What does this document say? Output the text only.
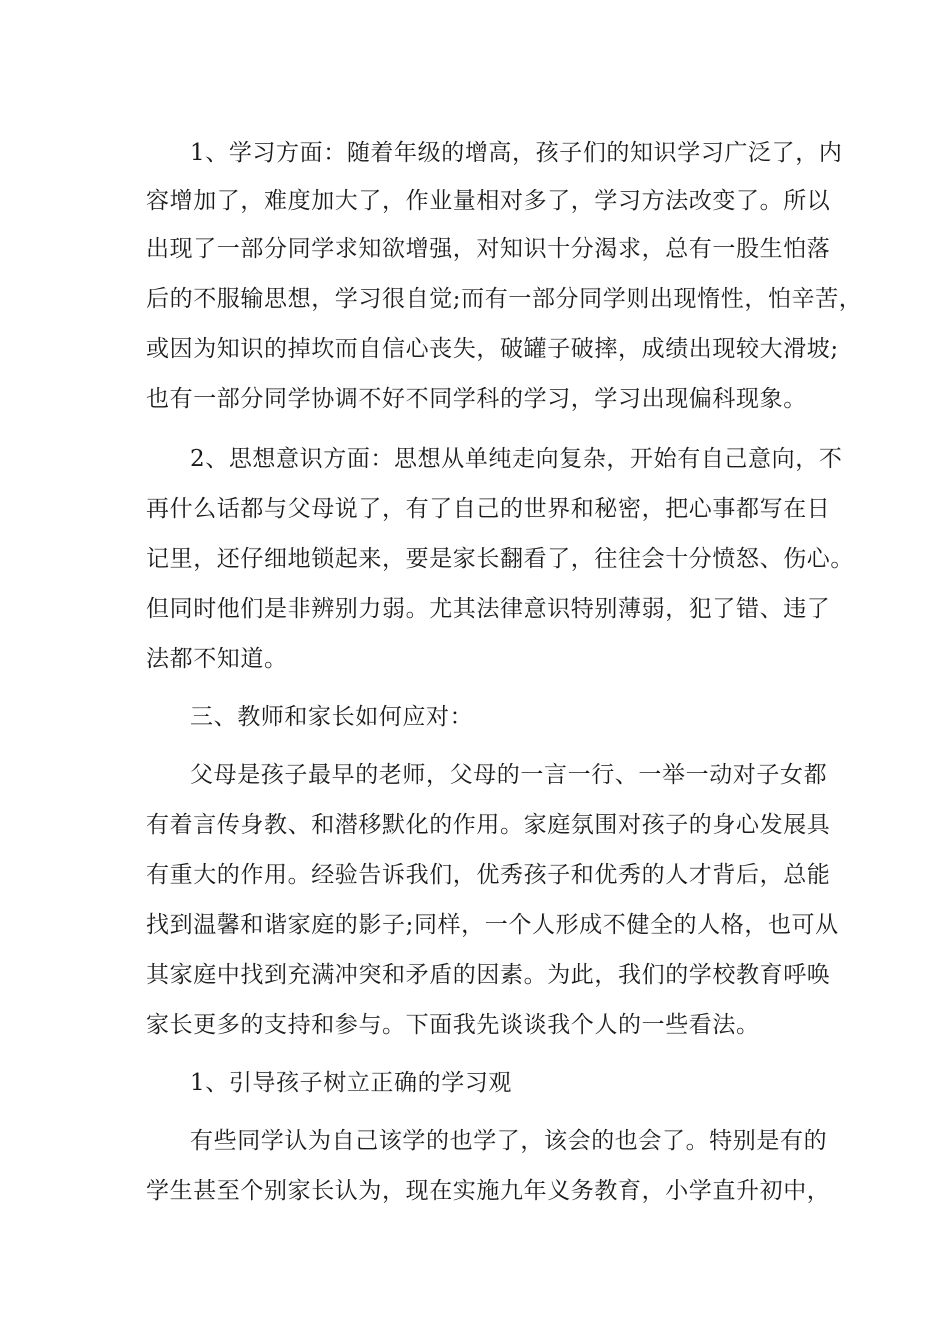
1、学习方面：随着年级的增高，孩子们的知识学习广泛了，内
容增加了，难度加大了，作业量相对多了，学习方法改变了。所以
出现了一部分同学求知欲增强，对知识十分渴求，总有一股生怕落
后的不服输思想，学习很自觉;而有一部分同学则出现惰性，怕辛苦，
或因为知识的掉坎而自信心丧失，破罐子破摔，成绩出现较大滑坡;
也有一部分同学协调不好不同学科的学习，学习出现偏科现象。
2、思想意识方面：思想从单纯走向复杂，开始有自己意向，不
再什么话都与父母说了，有了自己的世界和秘密，把心事都写在日
记里，还仔细地锁起来，要是家长翻看了，往往会十分愤怒、伤心。
但同时他们是非辨别力弱。尤其法律意识特别薄弱，犯了错、违了
法都不知道。
三、教师和家长如何应对：
父母是孩子最早的老师，父母的一言一行、一举一动对子女都
有着言传身教、和潜移默化的作用。家庭氛围对孩子的身心发展具
有重大的作用。经验告诉我们，优秀孩子和优秀的人才背后，总能
找到温馨和谐家庭的影子;同样，一个人形成不健全的人格，也可从
其家庭中找到充满冲突和矛盾的因素。为此，我们的学校教育呼唤
家长更多的支持和参与。下面我先谈谈我个人的一些看法。
1、引导孩子树立正确的学习观
有些同学认为自己该学的也学了，该会的也会了。特别是有的
学生甚至个别家长认为，现在实施九年义务教育，小学直升初中，
